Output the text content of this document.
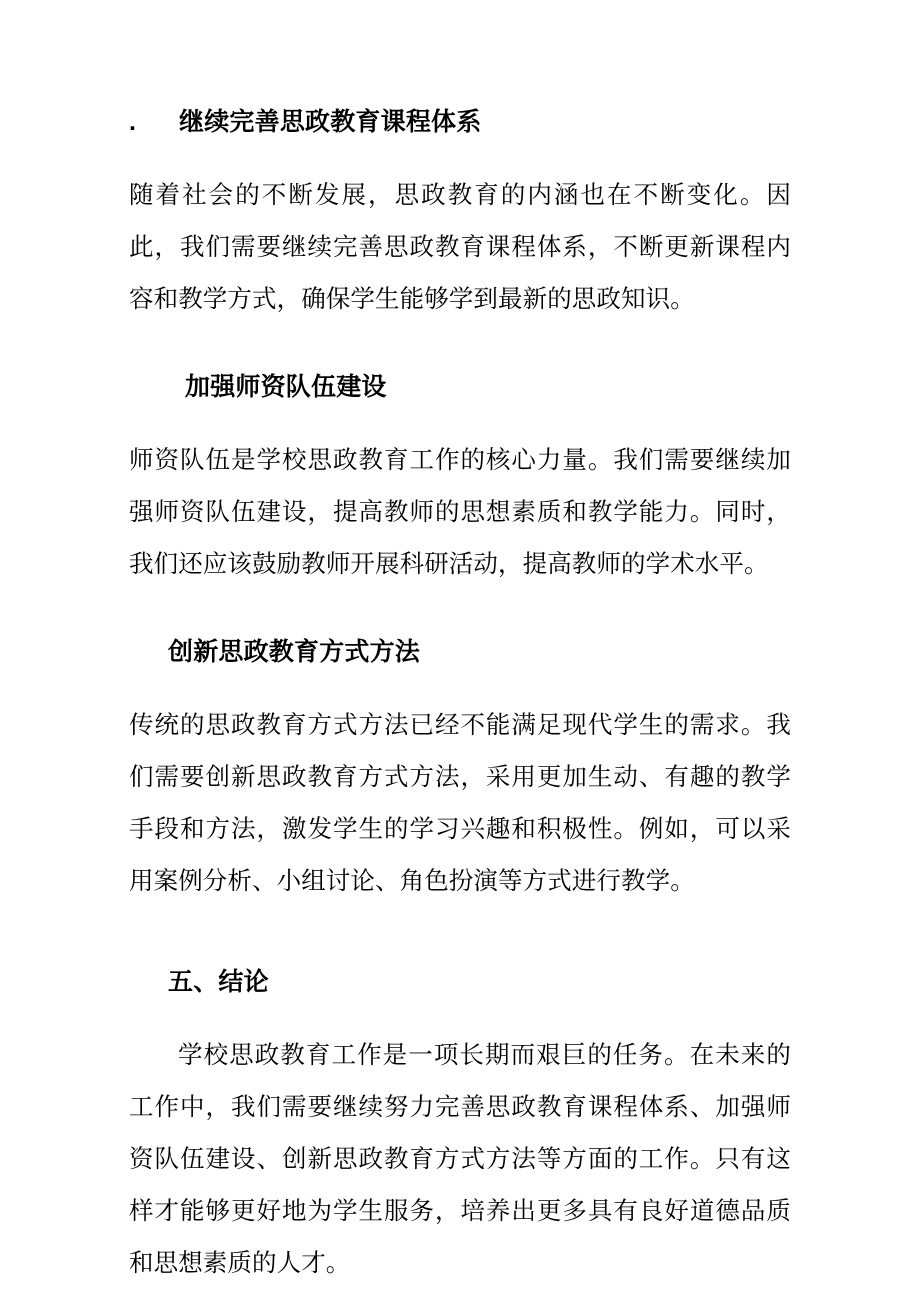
.      继续完善思政教育课程体系

随着社会的不断发展，思政教育的内涵也在不断变化。因此，我们需要继续完善思政教育课程体系，不断更新课程内容和教学方式，确保学生能够学到最新的思政知识。

加强师资队伍建设

师资队伍是学校思政教育工作的核心力量。我们需要继续加强师资队伍建设，提高教师的思想素质和教学能力。同时，我们还应该鼓励教师开展科研活动，提高教师的学术水平。

创新思政教育方式方法

传统的思政教育方式方法已经不能满足现代学生的需求。我们需要创新思政教育方式方法，采用更加生动、有趣的教学手段和方法，激发学生的学习兴趣和积极性。例如，可以采用案例分析、小组讨论、角色扮演等方式进行教学。

五、结论

学校思政教育工作是一项长期而艰巨的任务。在未来的工作中，我们需要继续努力完善思政教育课程体系、加强师资队伍建设、创新思政教育方式方法等方面的工作。只有这样才能够更好地为学生服务，培养出更多具有良好道德品质和思想素质的人才。
